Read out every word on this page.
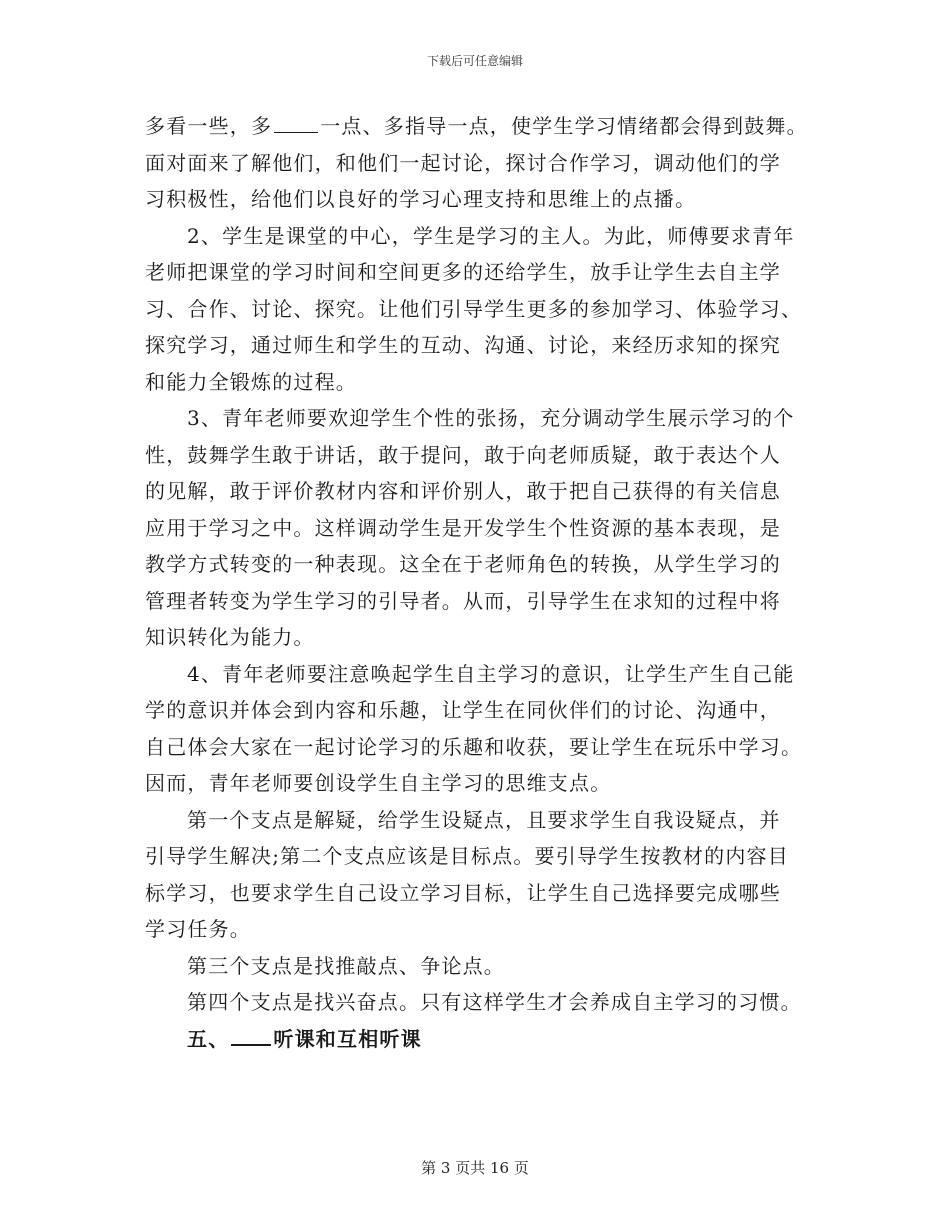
下载后可任意编辑
多看一些，多 一点、多指导一点，使学生学习情绪都会得到鼓舞。
面对面来了解他们，和他们一起讨论，探讨合作学习，调动他们的学
习积极性，给他们以良好的学习心理支持和思维上的点播。
2、学生是课堂的中心，学生是学习的主人。为此，师傅要求青年
老师把课堂的学习时间和空间更多的还给学生，放手让学生去自主学
习、合作、讨论、探究。让他们引导学生更多的参加学习、体验学习、
探究学习，通过师生和学生的互动、沟通、讨论，来经历求知的探究
和能力全锻炼的过程。
3、青年老师要欢迎学生个性的张扬，充分调动学生展示学习的个
性，鼓舞学生敢于讲话，敢于提问，敢于向老师质疑，敢于表达个人
的见解，敢于评价教材内容和评价别人，敢于把自己获得的有关信息
应用于学习之中。这样调动学生是开发学生个性资源的基本表现，是
教学方式转变的一种表现。这全在于老师角色的转换，从学生学习的
管理者转变为学生学习的引导者。从而，引导学生在求知的过程中将
知识转化为能力。
4、青年老师要注意唤起学生自主学习的意识，让学生产生自己能
学的意识并体会到内容和乐趣，让学生在同伙伴们的讨论、沟通中，
自己体会大家在一起讨论学习的乐趣和收获，要让学生在玩乐中学习。
因而，青年老师要创设学生自主学习的思维支点。
第一个支点是解疑，给学生设疑点，且要求学生自我设疑点，并
引导学生解决;第二个支点应该是目标点。要引导学生按教材的内容目
标学习，也要求学生自己设立学习目标，让学生自己选择要完成哪些
学习任务。
第三个支点是找推敲点、争论点。
第四个支点是找兴奋点。只有这样学生才会养成自主学习的习惯。
五、 听课和互相听课
第 3 页共 16 页
